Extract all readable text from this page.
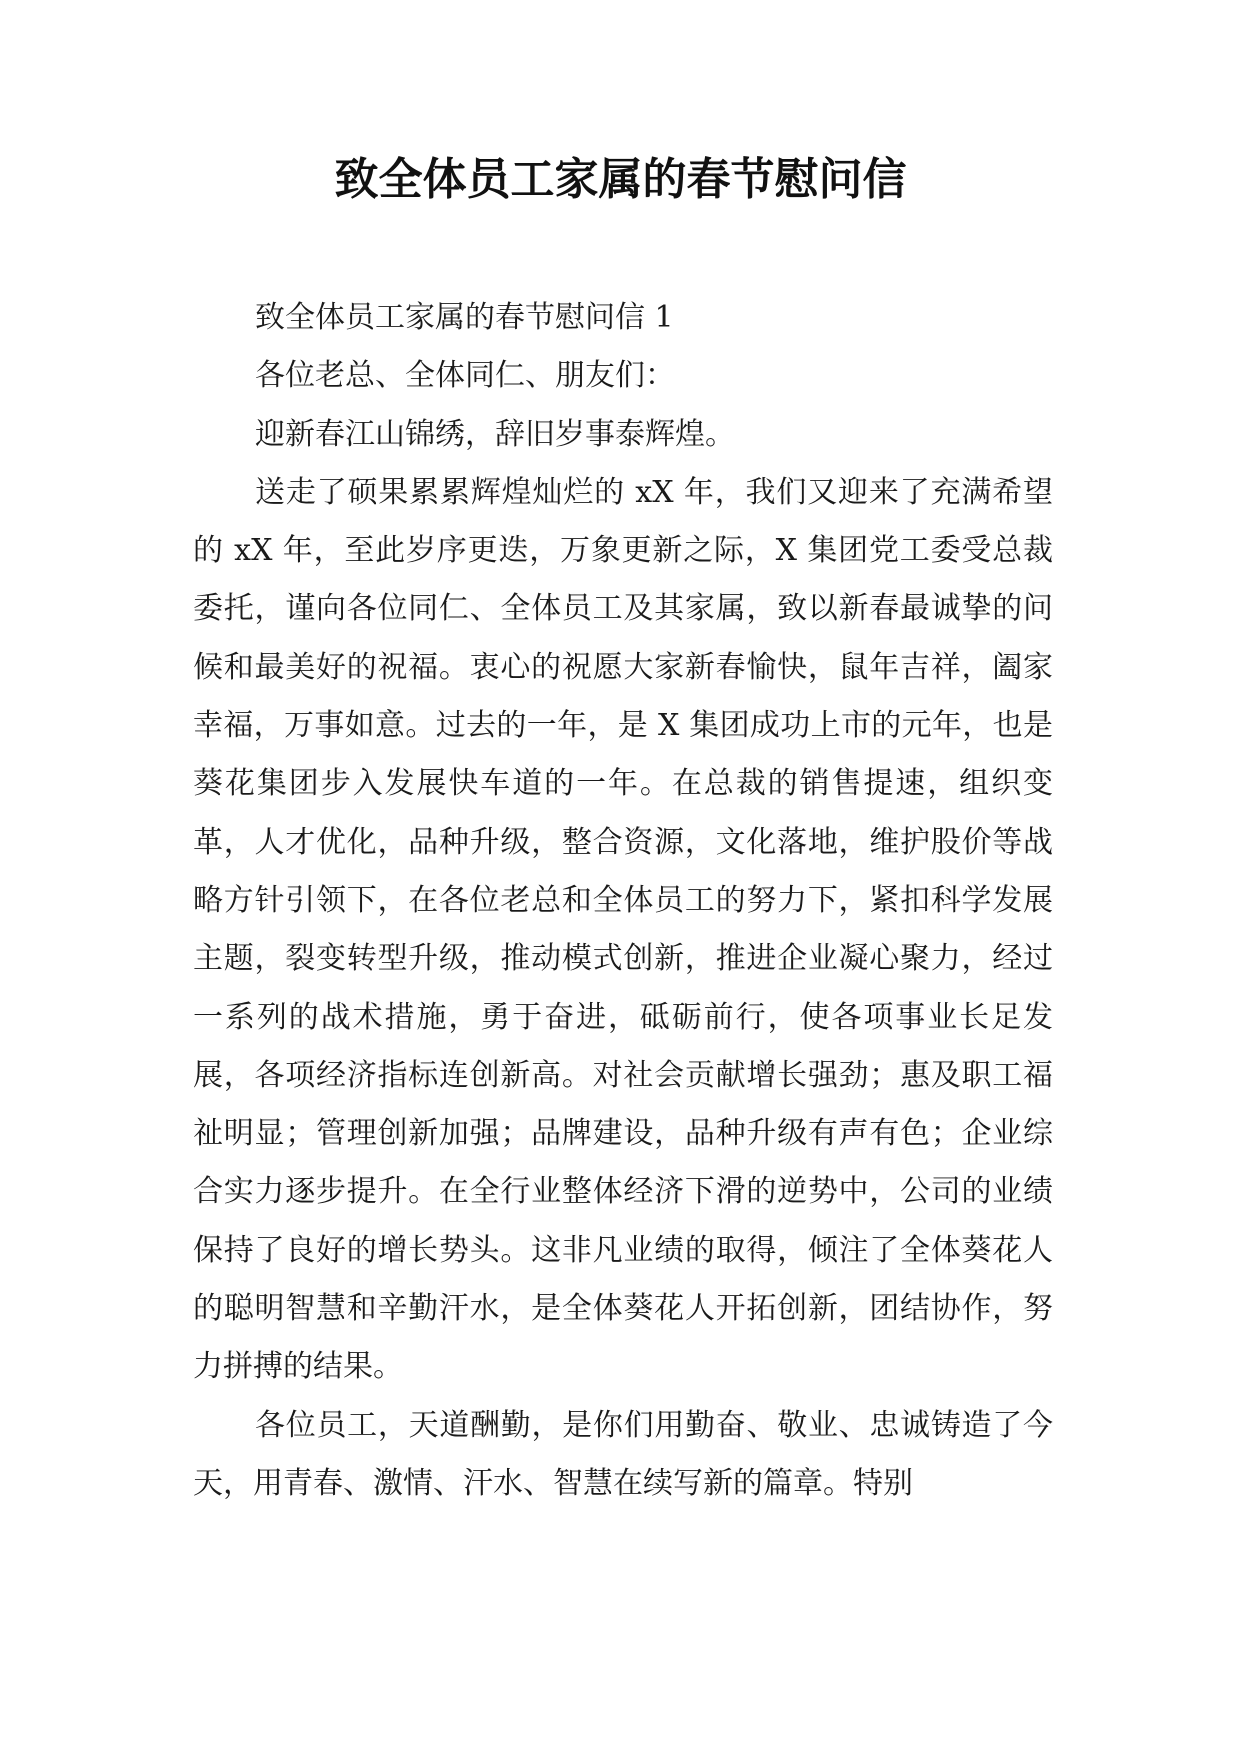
致全体员工家属的春节慰问信

致全体员工家属的春节慰问信 1

各位老总、全体同仁、朋友们：

迎新春江山锦绣，辞旧岁事泰辉煌。

送走了硕果累累辉煌灿烂的 xX 年，我们又迎来了充满希望的 xX 年，至此岁序更迭，万象更新之际，X 集团党工委受总裁委托，谨向各位同仁、全体员工及其家属，致以新春最诚挚的问候和最美好的祝福。衷心的祝愿大家新春愉快，鼠年吉祥，阖家幸福，万事如意。过去的一年，是 X 集团成功上市的元年，也是葵花集团步入发展快车道的一年。在总裁的销售提速，组织变革，人才优化，品种升级，整合资源，文化落地，维护股价等战略方针引领下，在各位老总和全体员工的努力下，紧扣科学发展主题，裂变转型升级，推动模式创新，推进企业凝心聚力，经过一系列的战术措施，勇于奋进，砥砺前行，使各项事业长足发展，各项经济指标连创新高。对社会贡献增长强劲；惠及职工福祉明显；管理创新加强；品牌建设，品种升级有声有色；企业综合实力逐步提升。在全行业整体经济下滑的逆势中，公司的业绩保持了良好的增长势头。这非凡业绩的取得，倾注了全体葵花人的聪明智慧和辛勤汗水，是全体葵花人开拓创新，团结协作，努力拼搏的结果。

各位员工，天道酬勤，是你们用勤奋、敬业、忠诚铸造了今天，用青春、激情、汗水、智慧在续写新的篇章。特别
